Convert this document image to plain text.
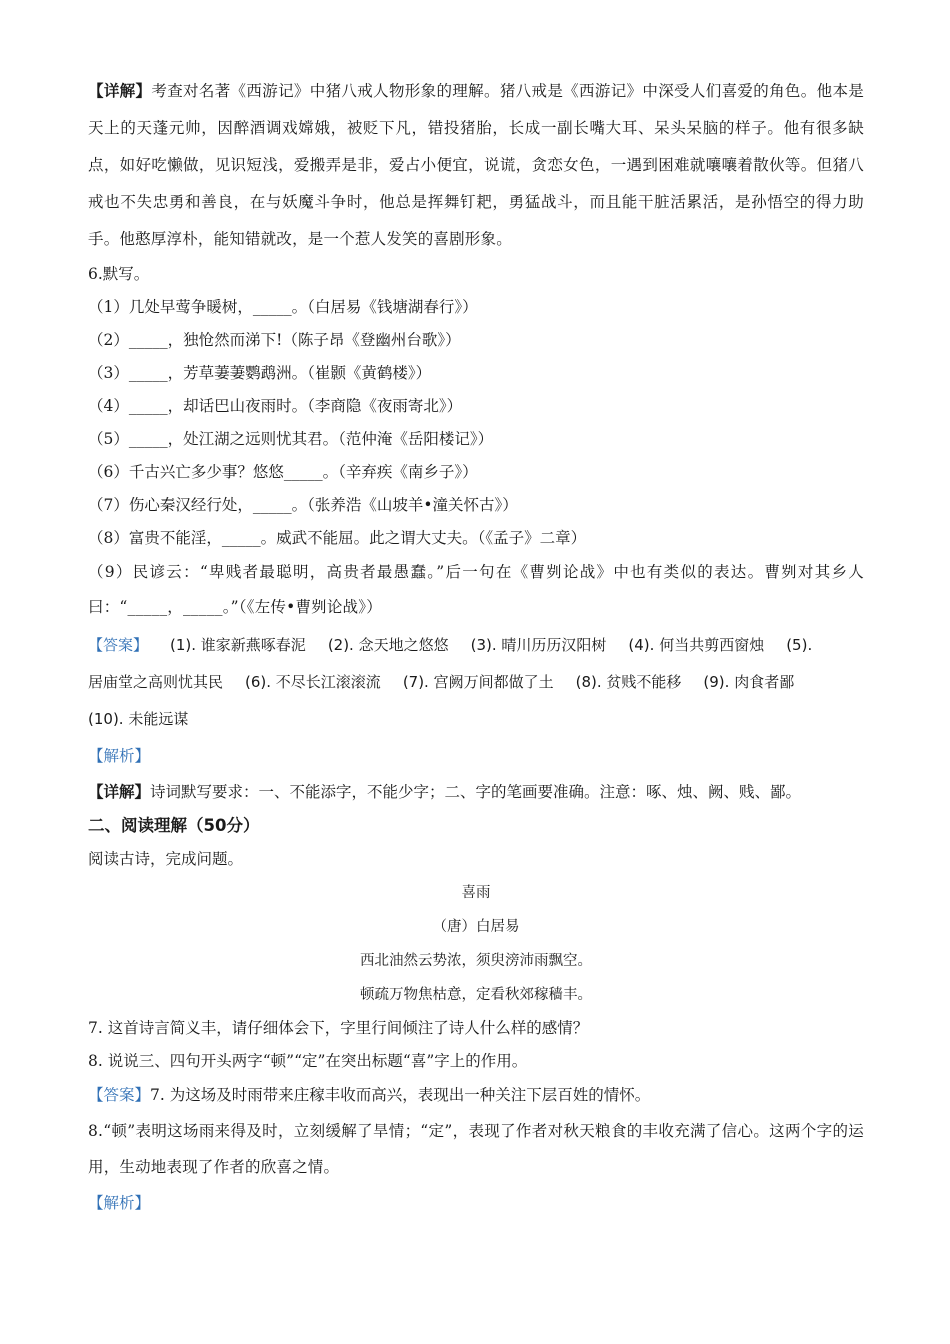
【详解】考查对名著《西游记》中猪八戒人物形象的理解。猪八戒是《西游记》中深受人们喜爱的角色。他本是天上的天蓬元帅，因醉酒调戏嫦娥，被贬下凡，错投猪胎，长成一副长嘴大耳、呆头呆脑的样子。他有很多缺点，如好吃懒做，见识短浅，爱搬弄是非，爱占小便宜，说谎，贪恋女色，一遇到困难就嚷嚷着散伙等。但猪八戒也不失忠勇和善良，在与妖魔斗争时，他总是挥舞钉耙，勇猛战斗，而且能干脏活累活，是孙悟空的得力助手。他憨厚淳朴，能知错就改，是一个惹人发笑的喜剧形象。

6.默写。

（1）几处早莺争暖树，_____。（白居易《钱塘湖春行》）

（2）_____，独怆然而涕下!（陈子昂《登幽州台歌》）

（3）_____，芳草萋萋鹦鹉洲。（崔颢《黄鹤楼》）

（4）_____，却话巴山夜雨时。（李商隐《夜雨寄北》）

（5）_____，处江湖之远则忧其君。（范仲淹《岳阳楼记》）

（6）千古兴亡多少事？悠悠_____。（辛弃疾《南乡子》）

（7）伤心秦汉经行处，_____。（张养浩《山坡羊•潼关怀古》）

（8）富贵不能淫，_____。威武不能屈。此之谓大丈夫。（《孟子》二章）

（9）民谚云：“卑贱者最聪明，高贵者最愚蠢。”后一句在《曹刿论战》中也有类似的表达。曹刿对其乡人曰：“_____，_____。”（《左传•曹刿论战》）

【答案】 (1). 谁家新燕啄春泥 (2). 念天地之悠悠 (3). 晴川历历汉阳树 (4). 何当共剪西窗烛 (5).

居庙堂之高则忧其民 (6). 不尽长江滚滚流 (7). 宫阙万间都做了土 (8). 贫贱不能移 (9). 肉食者鄙

(10). 未能远谋

【解析】

【详解】诗词默写要求：一、不能添字，不能少字；二、字的笔画要准确。注意：啄、烛、阙、贱、鄙。

二、阅读理解（50分）

阅读古诗，完成问题。

喜雨

（唐）白居易

西北油然云势浓，须臾滂沛雨飘空。

顿疏万物焦枯意，定看秋郊稼穑丰。

7. 这首诗言简义丰，请仔细体会下，字里行间倾注了诗人什么样的感情？

8. 说说三、四句开头两字“顿”“定”在突出标题“喜”字上的作用。

【答案】7. 为这场及时雨带来庄稼丰收而高兴，表现出一种关注下层百姓的情怀。

8.“顿”表明这场雨来得及时，立刻缓解了旱情；“定”，表现了作者对秋天粮食的丰收充满了信心。这两个字的运用，生动地表现了作者的欣喜之情。

【解析】
